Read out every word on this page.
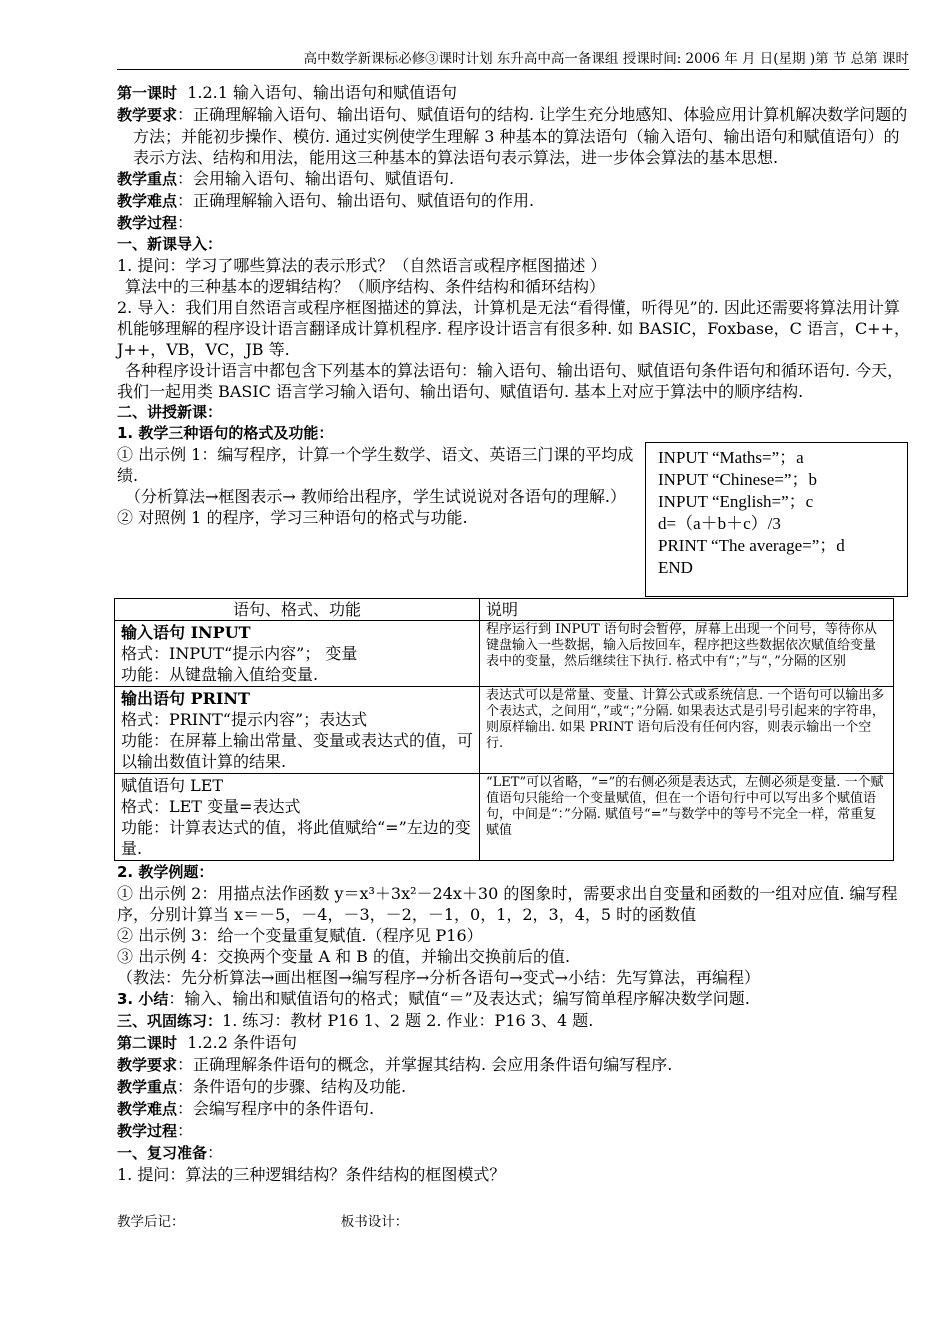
高中数学新课标必修③课时计划 东升高中高一备课组 授课时间: 2006 年 月 日(星期 )第 节 总第 课时

第一课时 1.2.1 输入语句、输出语句和赋值语句

教学要求：正确理解输入语句、输出语句、赋值语句的结构. 让学生充分地感知、体验应用计算机解决数学问题的方法；并能初步操作、模仿. 通过实例使学生理解 3 种基本的算法语句（输入语句、输出语句和赋值语句）的表示方法、结构和用法，能用这三种基本的算法语句表示算法，进一步体会算法的基本思想.

教学重点：会用输入语句、输出语句、赋值语句.

教学难点：正确理解输入语句、输出语句、赋值语句的作用.

教学过程：

一、新课导入：

1. 提问：学习了哪些算法的表示形式？（自然语言或程序框图描述 ）

算法中的三种基本的逻辑结构？（顺序结构、条件结构和循环结构）

2. 导入：我们用自然语言或程序框图描述的算法，计算机是无法“看得懂，听得见”的. 因此还需要将算法用计算机能够理解的程序设计语言翻译成计算机程序. 程序设计语言有很多种. 如 BASIC，Foxbase，C 语言，C++，J++，VB，VC，JB 等.

各种程序设计语言中都包含下列基本的算法语句：输入语句、输出语句、赋值语句条件语句和循环语句. 今天，我们一起用类 BASIC 语言学习输入语句、输出语句、赋值语句. 基本上对应于算法中的顺序结构.

二、讲授新课：

1. 教学三种语句的格式及功能：

① 出示例 1：编写程序，计算一个学生数学、语文、英语三门课的平均成绩.

（分析算法→框图表示→ 教师给出程序，学生试说说对各语句的理解.）

② 对照例 1 的程序，学习三种语句的格式与功能.

INPUT “Maths=”；a
INPUT “Chinese=”；b
INPUT “English=”；c
d=（a＋b＋c）/3
PRINT “The average=”；d
END
语句、格式、功能	说明

输入语句 INPUT
格式：INPUT“提示内容”； 变量
功能：从键盘输入值给变量.	程序运行到 INPUT 语句时会暂停，屏幕上出现一个问号，等待你从键盘输入一些数据，输入后按回车，程序把这些数据依次赋值给变量表中的变量，然后继续往下执行. 格式中有“；”与“，”分隔的区别

输出语句 PRINT
格式：PRINT“提示内容”；表达式
功能：在屏幕上输出常量、变量或表达式的值，可以输出数值计算的结果.	表达式可以是常量、变量、计算公式或系统信息. 一个语句可以输出多个表达式，之间用“，”或“；”分隔. 如果表达式是引号引起来的字符串，则原样输出. 如果 PRINT 语句后没有任何内容，则表示输出一个空行.

赋值语句 LET
格式：LET 变量=表达式
功能：计算表达式的值，将此值赋给“=”左边的变量.	“LET”可以省略，“=”的右侧必须是表达式，左侧必须是变量. 一个赋值语句只能给一个变量赋值，但在一个语句行中可以写出多个赋值语句，中间是“：”分隔. 赋值号“=”与数学中的等号不完全一样，常重复赋值

2. 教学例题：

① 出示例 2：用描点法作函数 y＝x³＋3x²－24x＋30 的图象时，需要求出自变量和函数的一组对应值. 编写程序，分别计算当 x＝－5，－4，－3，－2，－1，0，1，2，3，4，5 时的函数值

② 出示例 3：给一个变量重复赋值.（程序见 P16）

③ 出示例 4：交换两个变量 A 和 B 的值，并输出交换前后的值.

（教法：先分析算法→画出框图→编写程序→分析各语句→变式→小结：先写算法，再编程）

3. 小结：输入、输出和赋值语句的格式；赋值“＝”及表达式；编写简单程序解决数学问题.

三、巩固练习：1. 练习：教材 P16 1、2 题 2. 作业：P16 3、4 题.

第二课时 1.2.2 条件语句

教学要求：正确理解条件语句的概念，并掌握其结构. 会应用条件语句编写程序.

教学重点：条件语句的步骤、结构及功能.

教学难点：会编写程序中的条件语句.

教学过程：

一、复习准备：

1. 提问：算法的三种逻辑结构？条件结构的框图模式？

教学后记：	板书设计：
